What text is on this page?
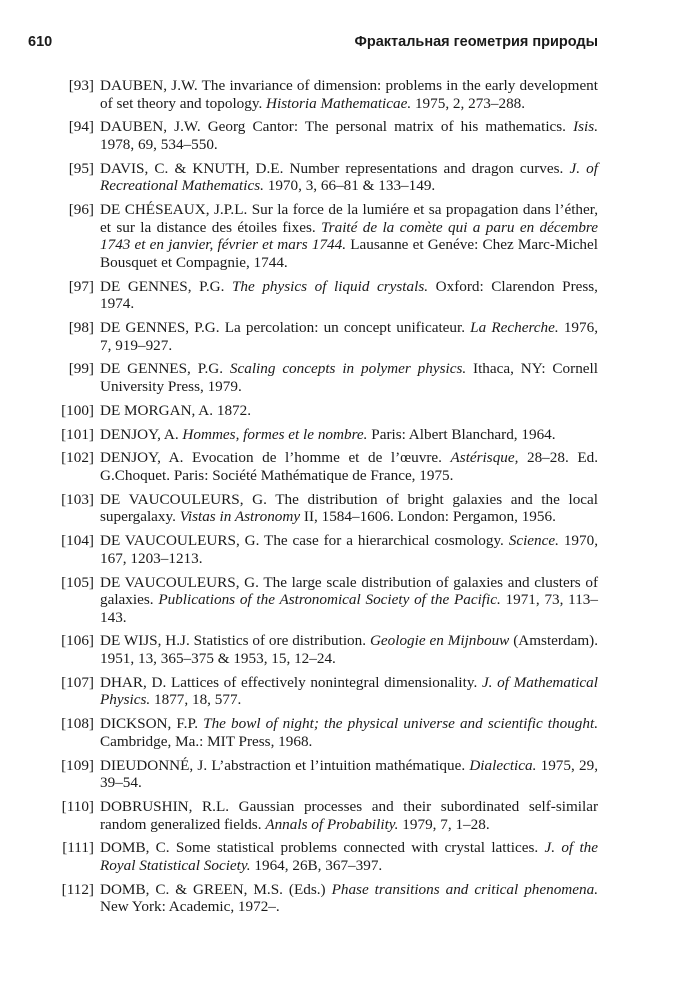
610	Фрактальная геометрия природы
[93] DAUBEN, J.W. The invariance of dimension: problems in the early development of set theory and topology. Historia Mathematicae. 1975, 2, 273–288.
[94] DAUBEN, J.W. Georg Cantor: The personal matrix of his mathematics. Isis. 1978, 69, 534–550.
[95] DAVIS, C. & KNUTH, D.E. Number representations and dragon curves. J. of Recreational Mathematics. 1970, 3, 66–81 & 133–149.
[96] DE CHÉSEAUX, J.P.L. Sur la force de la lumiére et sa propagation dans l’éther, et sur la distance des étoiles fixes. Traité de la comète qui a paru en décembre 1743 et en janvier, février et mars 1744. Lausanne et Genéve: Chez Marc-Michel Bousquet et Compagnie, 1744.
[97] DE GENNES, P.G. The physics of liquid crystals. Oxford: Clarendon Press, 1974.
[98] DE GENNES, P.G. La percolation: un concept unificateur. La Recherche. 1976, 7, 919–927.
[99] DE GENNES, P.G. Scaling concepts in polymer physics. Ithaca, NY: Cornell University Press, 1979.
[100] DE MORGAN, A. 1872.
[101] DENJOY, A. Hommes, formes et le nombre. Paris: Albert Blanchard, 1964.
[102] DENJOY, A. Evocation de l’homme et de l’œuvre. Astérisque, 28–28. Ed. G.Choquet. Paris: Société Mathématique de France, 1975.
[103] DE VAUCOULEURS, G. The distribution of bright galaxies and the local supergalaxy. Vistas in Astronomy II, 1584–1606. London: Pergamon, 1956.
[104] DE VAUCOULEURS, G. The case for a hierarchical cosmology. Science. 1970, 167, 1203–1213.
[105] DE VAUCOULEURS, G. The large scale distribution of galaxies and clusters of galaxies. Publications of the Astronomical Society of the Pacific. 1971, 73, 113–143.
[106] DE WIJS, H.J. Statistics of ore distribution. Geologie en Mijnbouw (Amsterdam). 1951, 13, 365–375 & 1953, 15, 12–24.
[107] DHAR, D. Lattices of effectively nonintegral dimensionality. J. of Mathematical Physics. 1877, 18, 577.
[108] DICKSON, F.P. The bowl of night; the physical universe and scientific thought. Cambridge, Ma.: MIT Press, 1968.
[109] DIEUDONNÉ, J. L’abstraction et l’intuition mathématique. Dialectica. 1975, 29, 39–54.
[110] DOBRUSHIN, R.L. Gaussian processes and their subordinated self-similar random generalized fields. Annals of Probability. 1979, 7, 1–28.
[111] DOMB, C. Some statistical problems connected with crystal lattices. J. of the Royal Statistical Society. 1964, 26B, 367–397.
[112] DOMB, C. & GREEN, M.S. (Eds.) Phase transitions and critical phenomena. New York: Academic, 1972–.
